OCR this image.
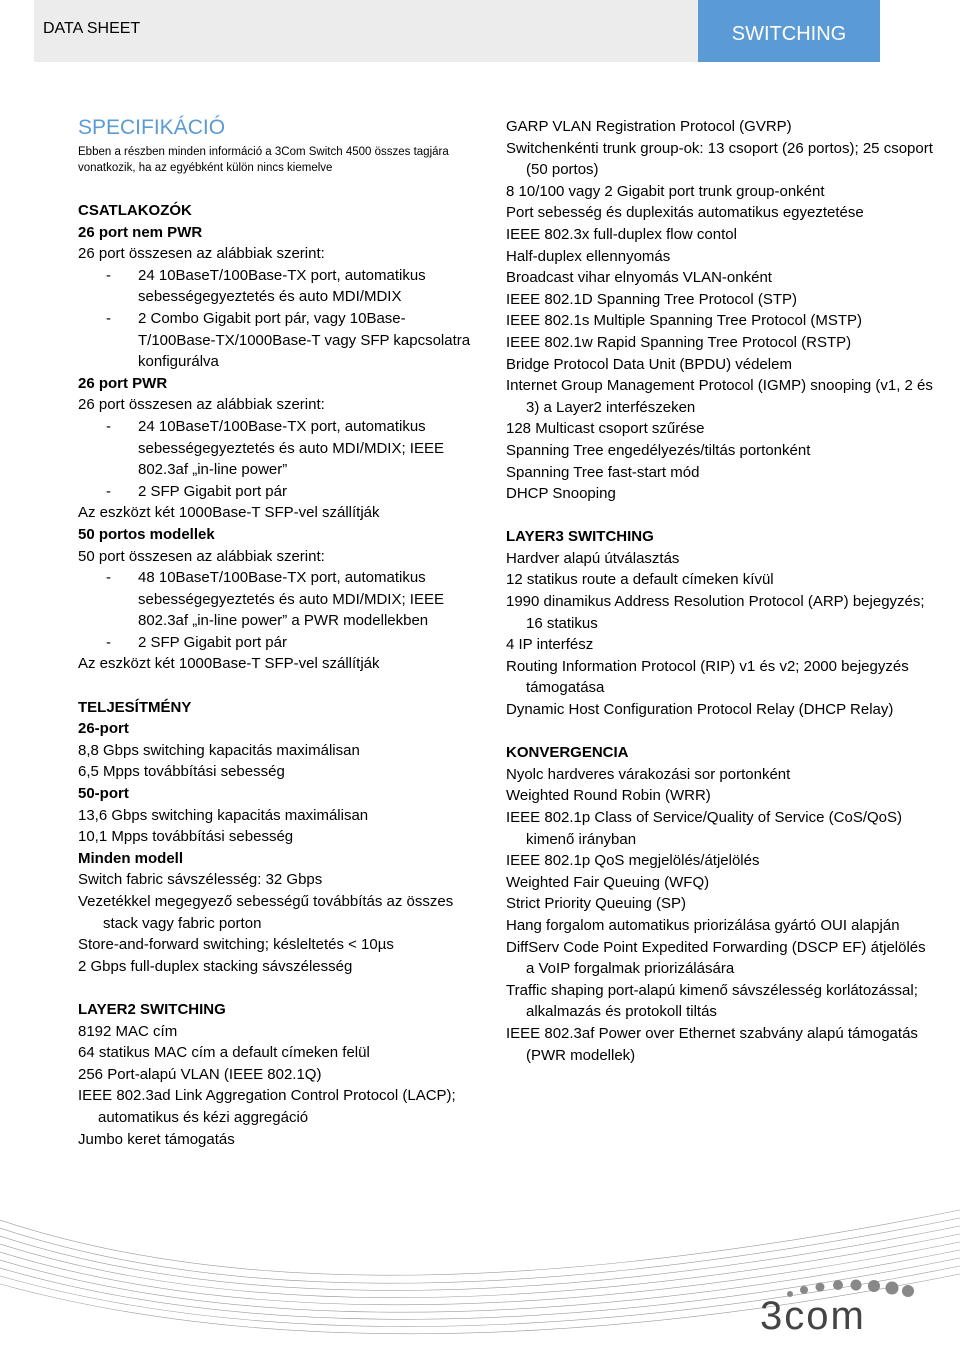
DATA SHEET	SWITCHING
SPECIFIKÁCIÓ
Ebben a részben minden információ a 3Com Switch 4500 összes tagjára vonatkozik, ha az egyébként külön nincs kiemelve
CSATLAKOZÓK
26 port nem PWR
26 port összesen az alábbiak szerint:
- 24 10BaseT/100Base-TX port, automatikus sebességegyeztetés és auto MDI/MDIX
- 2 Combo Gigabit port pár, vagy 10Base-T/100Base-TX/1000Base-T vagy SFP kapcsolatra konfigurálva
26 port PWR
26 port összesen az alábbiak szerint:
- 24 10BaseT/100Base-TX port, automatikus sebességegyeztetés és auto MDI/MDIX; IEEE 802.3af „in-line power”
- 2 SFP Gigabit port pár
Az eszközt két 1000Base-T SFP-vel szállítják
50 portos modellek
50 port összesen az alábbiak szerint:
- 48 10BaseT/100Base-TX port, automatikus sebességegyeztetés és auto MDI/MDIX; IEEE 802.3af „in-line power” a PWR modellekben
- 2 SFP Gigabit port pár
Az eszközt két 1000Base-T SFP-vel szállítják
TELJESÍTMÉNY
26-port
8,8 Gbps switching kapacitás maximálisan
6,5 Mpps továbbítási sebesség
50-port
13,6 Gbps switching kapacitás maximálisan
10,1 Mpps továbbítási sebesség
Minden modell
Switch fabric sávszélesség: 32 Gbps
Vezetékkel megegyező sebességű továbbítás az összes stack vagy fabric porton
Store-and-forward switching; késleltetés < 10µs
2 Gbps full-duplex stacking sávszélesség
LAYER2 SWITCHING
8192 MAC cím
64 statikus MAC cím a default címeken felül
256 Port-alapú VLAN (IEEE 802.1Q)
IEEE 802.3ad Link Aggregation Control Protocol (LACP); automatikus és kézi aggregáció
Jumbo keret támogatás
GARP VLAN Registration Protocol (GVRP)
Switchenkénti trunk group-ok: 13 csoport (26 portos); 25 csoport (50 portos)
8 10/100 vagy 2 Gigabit port trunk group-onként
Port sebesség és duplexitás automatikus egyeztetése
IEEE 802.3x full-duplex flow contol
Half-duplex ellennyomás
Broadcast vihar elnyomás VLAN-onként
IEEE 802.1D Spanning Tree Protocol (STP)
IEEE 802.1s Multiple Spanning Tree Protocol (MSTP)
IEEE 802.1w Rapid Spanning Tree Protocol (RSTP)
Bridge Protocol Data Unit (BPDU) védelem
Internet Group Management Protocol (IGMP) snooping (v1, 2 és 3) a Layer2 interfészeken
128 Multicast csoport szűrése
Spanning Tree engedélyezés/tiltás portonként
Spanning Tree fast-start mód
DHCP Snooping
LAYER3 SWITCHING
Hardver alapú útválasztás
12 statikus route a default címeken kívül
1990 dinamikus Address Resolution Protocol (ARP) bejegyzés; 16 statikus
4 IP interfész
Routing Information Protocol (RIP) v1 és v2; 2000 bejegyzés támogatása
Dynamic Host Configuration Protocol Relay (DHCP Relay)
KONVERGENCIA
Nyolc hardveres várakozási sor portonként
Weighted Round Robin (WRR)
IEEE 802.1p Class of Service/Quality of Service (CoS/QoS) kimenő irányban
IEEE 802.1p QoS megjelölés/átjelölés
Weighted Fair Queuing (WFQ)
Strict Priority Queuing (SP)
Hang forgalom automatikus priorizálása gyártó OUI alapján
DiffServ Code Point Expedited Forwarding (DSCP EF) átjelölés a VoIP forgalmak priorizálására
Traffic shaping port-alapú kimenő sávszélesség korlátozással; alkalmazás és protokoll tiltás
IEEE 802.3af Power over Ethernet szabvány alapú támogatás (PWR modellek)
3com
